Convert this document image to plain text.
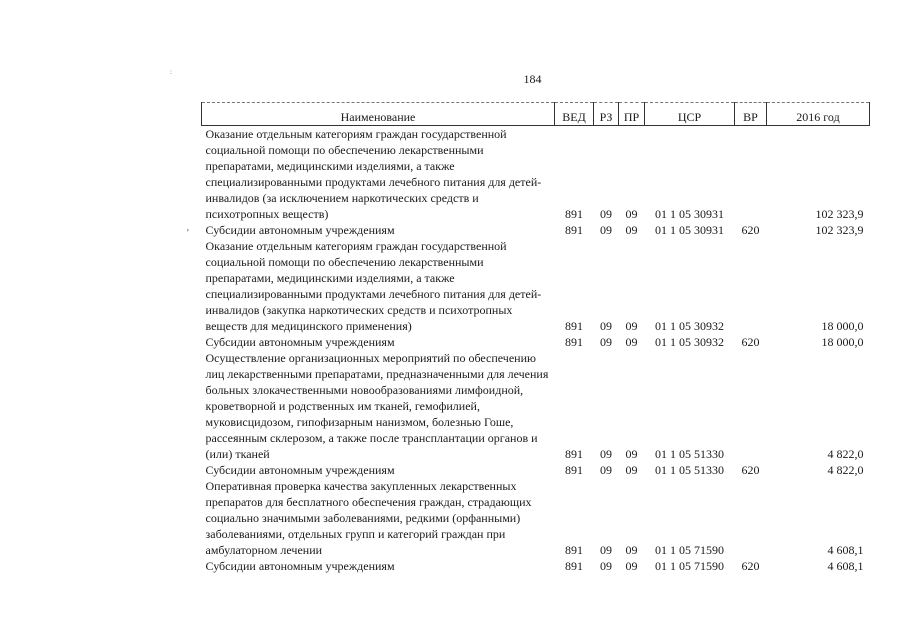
:
'
184
Наименование	ВЕД	РЗ	ПР	ЦСР	ВР	2016 год
Оказание отдельным категориям граждан государственной социальной помощи по обеспечению лекарственными препаратами, медицинскими изделиями, а также специализированными продуктами лечебного питания для детей-инвалидов (за исключением наркотических средств и психотропных веществ)	891	09	09	01 1 05 30931		102 323,9
Субсидии автономным учреждениям	891	09	09	01 1 05 30931	620	102 323,9
Оказание отдельным категориям граждан государственной социальной помощи по обеспечению лекарственными препаратами, медицинскими изделиями, а также специализированными продуктами лечебного питания для детей-инвалидов (закупка наркотических средств и психотропных веществ для медицинского применения)	891	09	09	01 1 05 30932		18 000,0
Субсидии автономным учреждениям	891	09	09	01 1 05 30932	620	18 000,0
Осуществление организационных мероприятий по обеспечению лиц лекарственными препаратами, предназначенными для лечения больных злокачественными новообразованиями лимфоидной, кроветворной и родственных им тканей, гемофилией, муковисцидозом, гипофизарным нанизмом, болезнью Гоше, рассеянным склерозом, а также после трансплантации органов и (или) тканей	891	09	09	01 1 05 51330		4 822,0
Субсидии автономным учреждениям	891	09	09	01 1 05 51330	620	4 822,0
Оперативная проверка качества закупленных лекарственных препаратов для бесплатного обеспечения граждан, страдающих социально значимыми заболеваниями, редкими (орфанными) заболеваниями, отдельных групп и категорий граждан при амбулаторном лечении	891	09	09	01 1 05 71590		4 608,1
Субсидии автономным учреждениям	891	09	09	01 1 05 71590	620	4 608,1
